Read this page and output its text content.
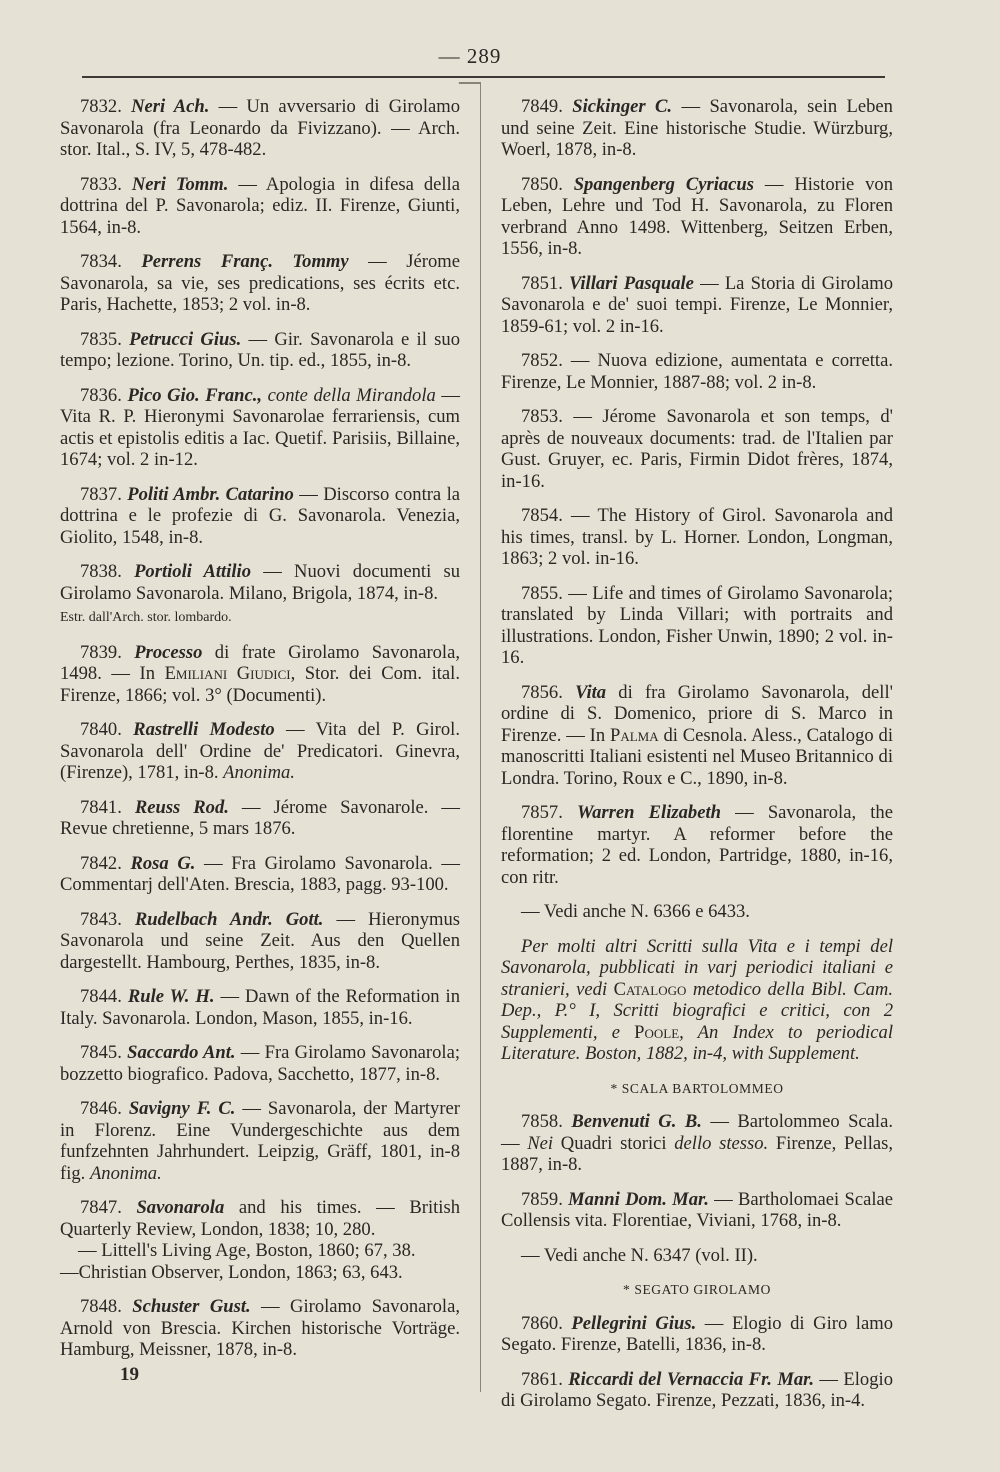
— 289 —

7832. Neri Ach. — Un avversario di Girolamo Savonarola (fra Leonardo da Fivizzano). — Arch. stor. Ital., S. IV, 5, 478-482.

7833. Neri Tomm. — Apologia in difesa della dottrina del P. Savonarola; ediz. II. Firenze, Giunti, 1564, in-8.

7834. Perrens Franç. Tommy — Jérome Savonarola, sa vie, ses predications, ses écrits etc. Paris, Hachette, 1853; 2 vol. in-8.

7835. Petrucci Gius. — Gir. Savonarola e il suo tempo; lezione. Torino, Un. tip. ed., 1855, in-8.

7836. Pico Gio. Franc., conte della Mirandola — Vita R. P. Hieronymi Savonarolae ferrariensis, cum actis et epistolis editis a Iac. Quetif. Parisiis, Billaine, 1674; vol. 2 in-12.

7837. Politi Ambr. Catarino — Discorso contra la dottrina e le profezie di G. Savonarola. Venezia, Giolito, 1548, in-8.

7838. Portioli Attilio — Nuovi documenti su Girolamo Savonarola. Milano, Brigola, 1874, in-8.

Estr. dall'Arch. stor. lombardo.

7839. Processo di frate Girolamo Savonarola, 1498. — In Emiliani Giudici, Stor. dei Com. ital. Firenze, 1866; vol. 3° (Documenti).

7840. Rastrelli Modesto — Vita del P. Girol. Savonarola dell' Ordine de' Predicatori. Ginevra, (Firenze), 1781, in-8. Anonima.

7841. Reuss Rod. — Jérome Savonarole. — Revue chretienne, 5 mars 1876.

7842. Rosa G. — Fra Girolamo Savonarola. — Commentarj dell'Aten. Brescia, 1883, pagg. 93-100.

7843. Rudelbach Andr. Gott. — Hieronymus Savonarola und seine Zeit. Aus den Quellen dargestellt. Hambourg, Perthes, 1835, in-8.

7844. Rule W. H. — Dawn of the Reformation in Italy. Savonarola. London, Mason, 1855, in-16.

7845. Saccardo Ant. — Fra Girolamo Savonarola; bozzetto biografico. Padova, Sacchetto, 1877, in-8.

7846. Savigny F. C. — Savonarola, der Martyrer in Florenz. Eine Vundergeschichte aus dem funfzehnten Jahrhundert. Leipzig, Gräff, 1801, in-8 fig. Anonima.

7847. Savonarola and his times. — British Quarterly Review, London, 1838; 10, 280.
— Littell's Living Age, Boston, 1860; 67, 38.
—Christian Observer, London, 1863; 63, 643.

7848. Schuster Gust. — Girolamo Savonarola, Arnold von Brescia. Kirchen historische Vorträge. Hamburg, Meissner, 1878, in-8.

7849. Sickinger C. — Savonarola, sein Leben und seine Zeit. Eine historische Studie. Würzburg, Woerl, 1878, in-8.

7850. Spangenberg Cyriacus — Historie von Leben, Lehre und Tod H. Savonarola, zu Floren verbrand Anno 1498. Wittenberg, Seitzen Erben, 1556, in-8.

7851. Villari Pasquale — La Storia di Girolamo Savonarola e de' suoi tempi. Firenze, Le Monnier, 1859-61; vol. 2 in-16.

7852. — Nuova edizione, aumentata e corretta. Firenze, Le Monnier, 1887-88; vol. 2 in-8.

7853. — Jérome Savonarola et son temps, d' après de nouveaux documents: trad. de l'Italien par Gust. Gruyer, ec. Paris, Firmin Didot frères, 1874, in-16.

7854. — The History of Girol. Savonarola and his times, transl. by L. Horner. London, Longman, 1863; 2 vol. in-16.

7855. — Life and times of Girolamo Savonarola; translated by Linda Villari; with portraits and illustrations. London, Fisher Unwin, 1890; 2 vol. in-16.

7856. Vita di fra Girolamo Savonarola, dell' ordine di S. Domenico, priore di S. Marco in Firenze. — In Palma di Cesnola. Aless., Catalogo di manoscritti Italiani esistenti nel Museo Britannico di Londra. Torino, Roux e C., 1890, in-8.

7857. Warren Elizabeth — Savonarola, the florentine martyr. A reformer before the reformation; 2 ed. London, Partridge, 1880, in-16, con ritr.

— Vedi anche N. 6366 e 6433.

Per molti altri Scritti sulla Vita e i tempi del Savonarola, pubblicati in varj periodici italiani e stranieri, vedi Catalogo metodico della Bibl. Cam. Dep., P.° I, Scritti biografici e critici, con 2 Supplementi, e Poole, An Index to periodical Literature. Boston, 1882, in-4, with Supplement.

* SCALA BARTOLOMMEO

7858. Benvenuti G. B. — Bartolommeo Scala. — Nei Quadri storici dello stesso. Firenze, Pellas, 1887, in-8.

7859. Manni Dom. Mar. — Bartholomaei Scalae Collensis vita. Florentiae, Viviani, 1768, in-8.

— Vedi anche N. 6347 (vol. II).

* SEGATO GIROLAMO

7860. Pellegrini Gius. — Elogio di Giro lamo Segato. Firenze, Batelli, 1836, in-8.

7861. Riccardi del Vernaccia Fr. Mar. — Elogio di Girolamo Segato. Firenze, Pezzati, 1836, in-4.

19
